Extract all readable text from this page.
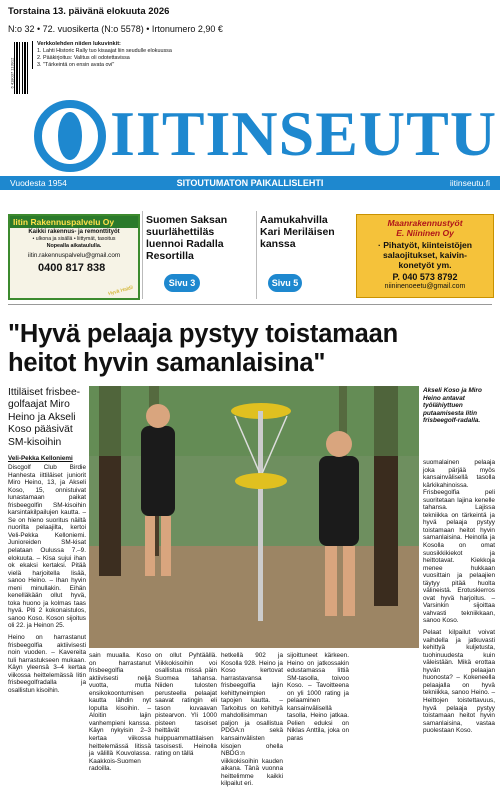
Torstaina 13. päivänä elokuuta 2026
N:o 32 • 72. vuosikerta (N:o 5578) • Irtonumero 2,90 €
6 418037 113912
Verkkolehden niiden lukuvinkit:
1. Lahti Historic Rally tuo kisaajat liin seudulle elokuussa
2. Pääkirjoitus: Valitus oli odotettavissa
3. "Tärkeintä on ensin avata ovi"
IITINSEUTU
Vuodesta 1954	SITOUTUMATON PAIKALLISLEHTI	iitinseutu.fi
Iitin Rakennuspalvelu Oy
Kaikki rakennus- ja remonttityöt
• ulkona ja sisällä • liittymät, tasoitus
Nopealla aikataululla.
iitin.rakennuspalvelu@gmail.com
0400 817 838
Hyvä Haldi!
Suomen Saksan suurlähettiläs luennoi Radalla Resortilla
Sivu 3
Aamukahvilla Kari Meriläisen kanssa
Sivu 5
Maanrakennustyöt
E. Niininen Oy
· Pihatyöt, kiinteistöjen
salaojitukset, kaivin-
konetyöt ym.
P. 040 573 8792
niininenoeetu@gmail.com
"Hyvä pelaaja pystyy toistamaan
heitot hyvin samanlaisina"
Ittiläiset frisbee-golfaajat Miro Heino ja Akseli Koso pääsivät SM-kisoihin
Veli-Pekka Kelloniemi

Discgolf Club Birdie Hanhesta iittiläiset juniorit Miro Heino, 13, ja Akseli Koso, 15, onnistuivat lunastamaan paikat frisbeegolfin SM-kisoihin karsintakilpailujen kautta. – Se on hieno suoritus näiltä nuorilta pelaajilta, kertoi Veli-Pekka Kelloniemi. Junioreiden SM-kisat pelataan Oulussa 7.–9. elokuuta. – Kisa sujui ihan ok ekaksi kertaksi. Pitää vielä harjoitella lisää, sanoo Heino. – Ihan hyvin meni minullakin. Eihän kenelläkään ollut hyvä, toka huono ja kolmas taas hyvä. Piti 2 kokonaistulos, sanoo Koso. Koson sijoitus oli 22. ja Heinon 25.

Heino on harrastanut frisbeegolfia aktiivisesti noin vuoden. – Kavereita tuli harrastukseen mukaan. Käyn yleensä 3–4 kertaa viikossa heittelemässä Iitin frisbeegolfradalla ja osallistun kisoihin.

Akseli Koso ja Miro Heino antavat työlähiyttuen putaamisesta Iitin frisbeegolf-radalla.

sain muualla. Koso on harrastanut frisbeegolfia aktiivisesti neljä vuotta, mutta ensikokoontumisen kautta lähdin nyt lopulta kisoihin. – Aloitin lajin vanhempieni kanssa. Käyn nykyisin 2–3 kertaa viikossa heittelemässä Iitissä ja välillä Kouvolassa. Kaakkois-Suomen radoilla.

on ollut Pyhtäällä. Viikkokisoihin voi osallistua missä päin Suomea tahansa. Niiden tulosten perusteella pelaajat saavat ratingin eli tason kuvaavan pistearvon. Yli 1000 pisteen tasoiset heittävät huippuammattilaisen tasoisesti. Heinolla rating on tällä

hetkellä 902 ja Kosolla 928. Heino ja Koso kertovat harrastavansa frisbeegolfia lajin kehittyneimpien tapojen kautta. – Tarkoitus on kehittyä mahdollisimman paljon ja osallistua PDGA:n sekä kansainvälisten kisojen ohella NBDG:n viikkokisoihin kauden aikana. Tänä vuonna heittelimme kaikki kilpailut eri.

sijoittuneet kärkeen. Heino on jatkossakin edustamassa Iittiä SM-tasolla, toivoo Koso. – Tavoitteena on yli 1000 rating ja pelaaminen kansainvälisellä tasolla, Heino jatkaa. Pelien eduksi on Niklas Anttila, joka on paras

suomalainen pelaaja joka pärjää myös kansainvälisellä tasolla kärkikahinoissa. Frisbeegolfia peli suoritetaan lajina kenelle tahansa. Lajissa tekniikka on tärkeintä ja hyvä pelaaja pystyy toistamaan heitot hyvin samanlaisina. Heinolla ja Kosolla on omat suosikkikiekot ja heittotavat. Kiekkoja menee hukkaan vuosittain ja pelaajien täytyy pitää huolta välineistä. Erotuskierros ovat hyvä harjoitus. – Varsinkin sijoittaa vahvasti tekniikkaan, sanoo Koso.

Pelaat kilpailut voivat vaihdella ja jatkuvasti kehittyä kuljetusta, tuohinuudesta kuin väleistään. Mikä erottaa hyvän pelaajan huonosta? – Kokeneella pelaajalla on hyvä tekniikka, sanoo Heino. – Heittojen toistettavuus, hyvä pelaaja pystyy toistamaan heitot hyvin samanlaisina, vastaa puolestaan Koso.
